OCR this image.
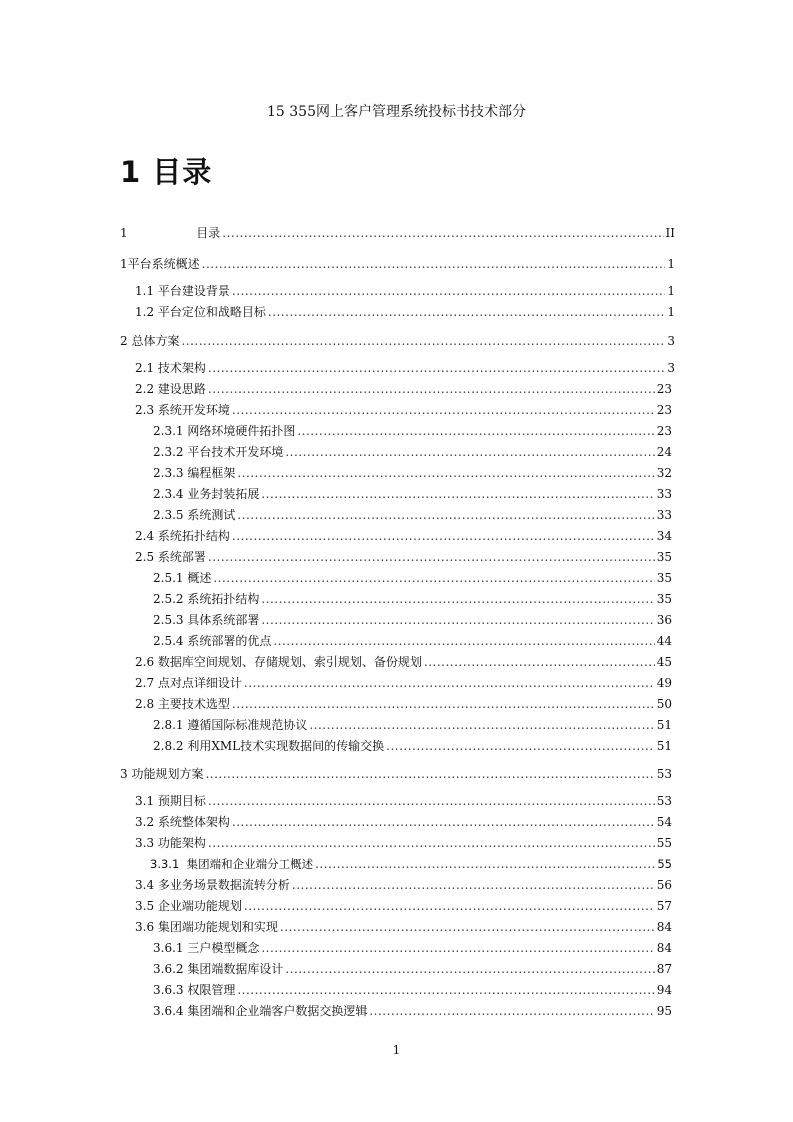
15 355网上客户管理系统投标书技术部分
1 目录
1                  目录 .....	II
1平台系统概述 .....	1
1.1 平台建设背景 .....	1
1.2 平台定位和战略目标 .....	1
2 总体方案 .....	3
2.1 技术架构 .....	3
2.2 建设思路 .....	23
2.3 系统开发环境 .....	23
2.3.1 网络环境硬件拓扑图 .....	23
2.3.2 平台技术开发环境 .....	24
2.3.3 编程框架 .....	32
2.3.4 业务封装拓展 .....	33
2.3.5 系统测试 .....	33
2.4 系统拓扑结构 .....	34
2.5 系统部署 .....	35
2.5.1 概述 .....	35
2.5.2 系统拓扑结构 .....	35
2.5.3 具体系统部署 .....	36
2.5.4 系统部署的优点 .....	44
2.6 数据库空间规划、存储规划、索引规划、备份规划 .....	45
2.7 点对点详细设计 .....	49
2.8 主要技术选型 .....	50
2.8.1 遵循国际标准规范协议 .....	51
2.8.2 利用XML技术实现数据间的传输交换 .....	51
3 功能规划方案 .....	53
3.1 预期目标 .....	53
3.2 系统整体架构 .....	54
3.3 功能架构 .....	55
3.3.1  集团端和企业端分工概述 .....	55
3.4 多业务场景数据流转分析 .....	56
3.5 企业端功能规划 .....	57
3.6 集团端功能规划和实现 .....	84
3.6.1 三户模型概念 .....	84
3.6.2 集团端数据库设计 .....	87
3.6.3 权限管理 .....	94
3.6.4 集团端和企业端客户数据交换逻辑 .....	95
1
